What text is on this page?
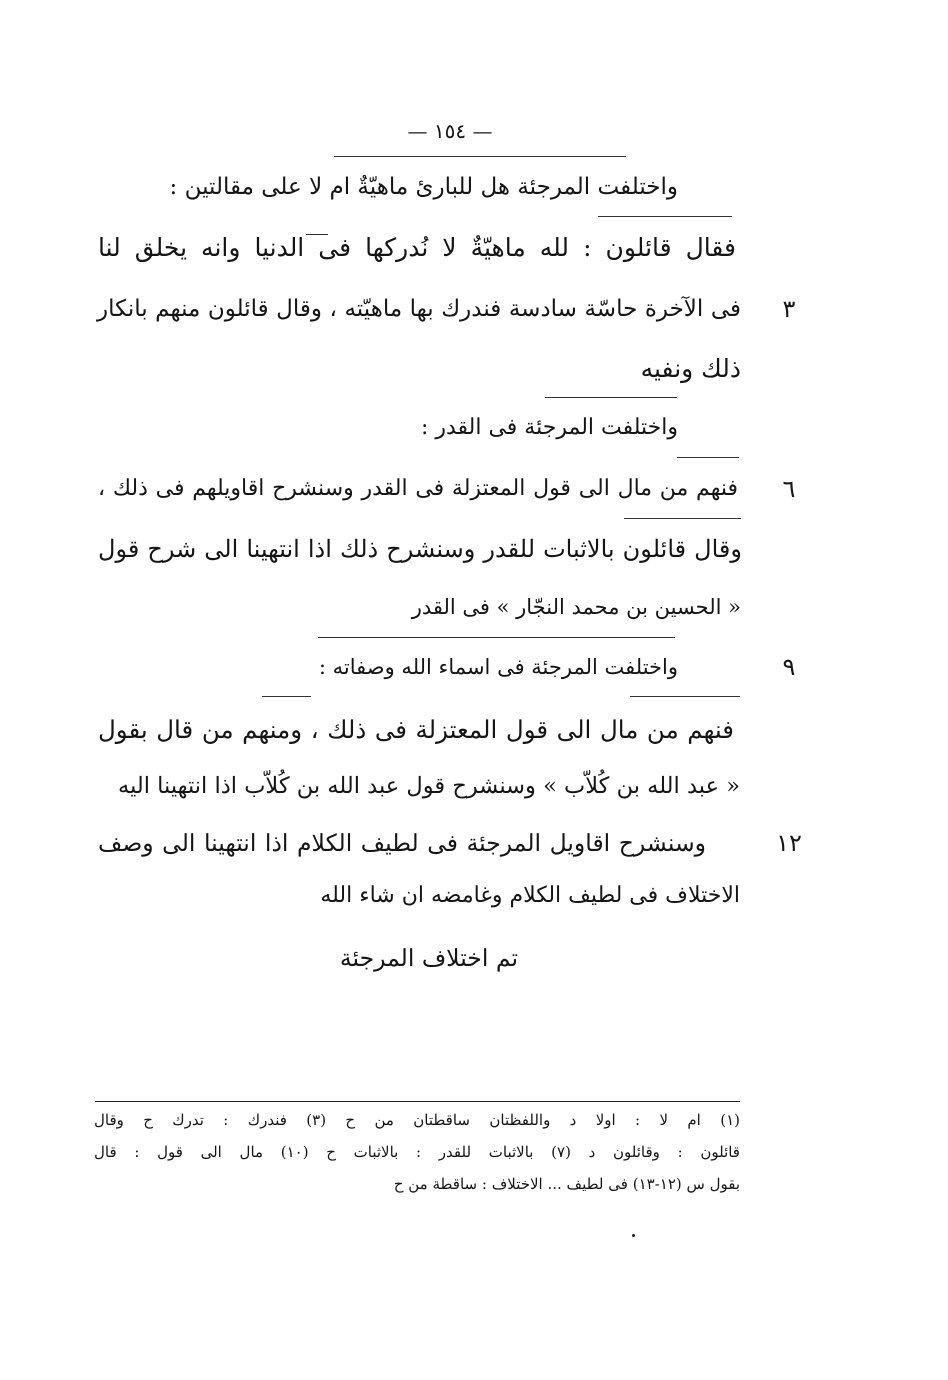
— ١٥٤ —
واختلفت المرجئة هل للبارئ ماهيّةٌ ام لا على مقالتين :
فقال قائلون : لله ماهيّةٌ لا نُدركها فى الدنيا وانه يخلق لنا
فى الآخرة حاسّة سادسة فندرك بها ماهيّته ، وقال قائلون منهم بانكار	٣
ذلك ونفيه
واختلفت المرجئة فى القدر :
فنهم من مال الى قول المعتزلة فى القدر وسنشرح اقاويلهم فى ذلك ،	٦
وقال قائلون بالاثبات للقدر وسنشرح ذلك اذا انتهينا الى شرح قول
« الحسين بن محمد النجّار » فى القدر
واختلفت المرجئة فى اسماء الله وصفاته :	٩
فنهم من مال الى قول المعتزلة فى ذلك ، ومنهم من قال بقول
« عبد الله بن كُلاّب » وسنشرح قول عبد الله بن كُلاّب اذا انتهينا اليه
وسنشرح اقاويل المرجئة فى لطيف الكلام اذا انتهينا الى وصف	١٢
الاختلاف فى لطيف الكلام وغامضه ان شاء الله
تم اختلاف المرجئة
(١) ام لا : اولا د واللفظتان ساقطتان من ح (٣) فندرك : تدرك ح وقال
قائلون : وقائلون د (٧) بالاثبات للقدر : بالاثبات ح (١٠) مال الى قول : قال
بقول س (١٢-١٣) فى لطيف ... الاختلاف : ساقطة من ح
